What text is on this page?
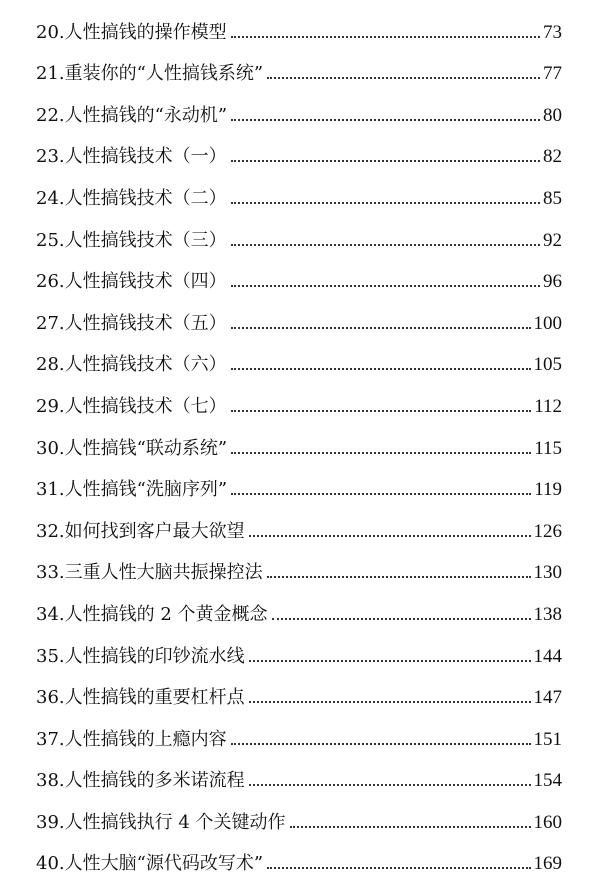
20.人性搞钱的操作模型	73
21.重装你的“人性搞钱系统”	77
22.人性搞钱的“永动机”	80
23.人性搞钱技术（一）	82
24.人性搞钱技术（二）	85
25.人性搞钱技术（三）	92
26.人性搞钱技术（四）	96
27.人性搞钱技术（五）	100
28.人性搞钱技术（六）	105
29.人性搞钱技术（七）	112
30.人性搞钱“联动系统”	115
31.人性搞钱“洗脑序列”	119
32.如何找到客户最大欲望	126
33.三重人性大脑共振操控法	130
34.人性搞钱的 2 个黄金概念	138
35.人性搞钱的印钞流水线	144
36.人性搞钱的重要杠杆点	147
37.人性搞钱的上瘾内容	151
38.人性搞钱的多米诺流程	154
39.人性搞钱执行 4 个关键动作	160
40.人性大脑“源代码改写术”	169
